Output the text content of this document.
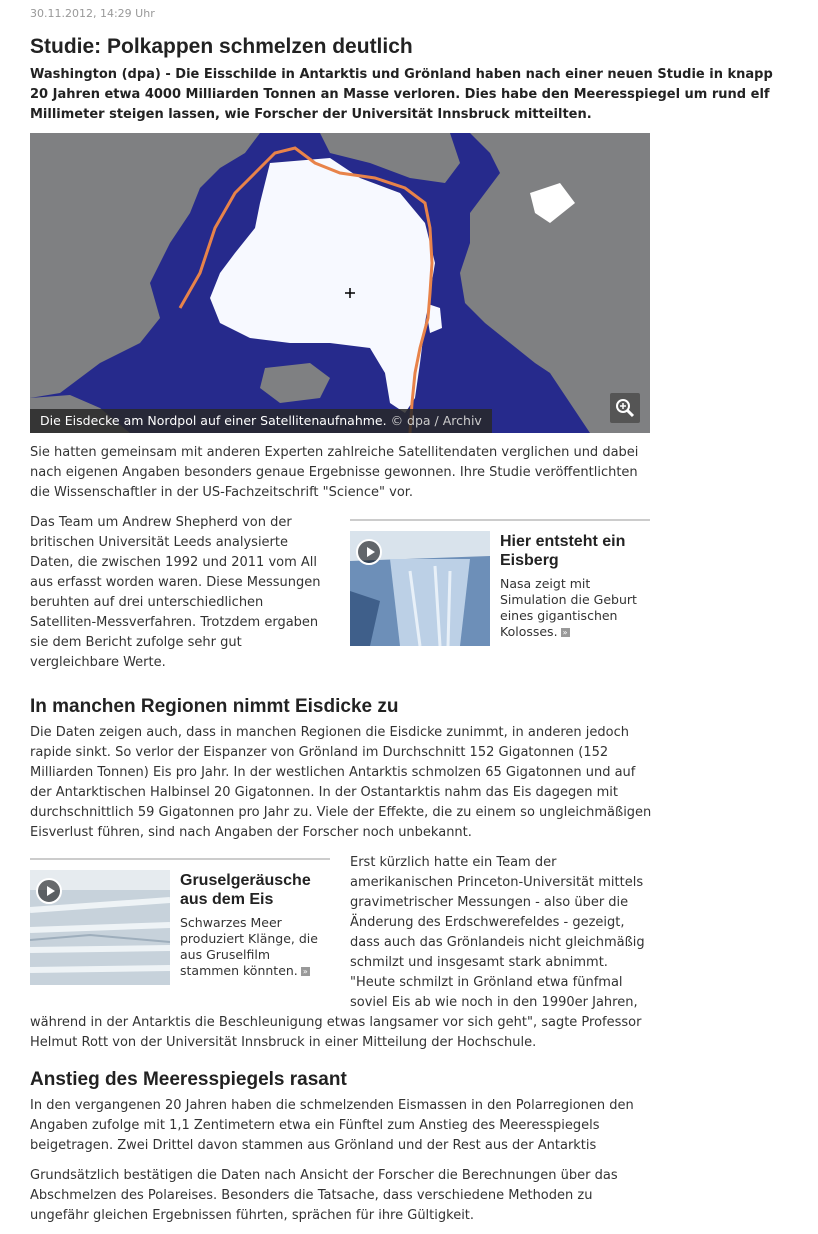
30.11.2012, 14:29 Uhr
Studie: Polkappen schmelzen deutlich

Washington (dpa) - Die Eisschilde in Antarktis und Grönland haben nach einer neuen Studie in knapp 20 Jahren etwa 4000 Milliarden Tonnen an Masse verloren. Dies habe den Meeresspiegel um rund elf Millimeter steigen lassen, wie Forscher der Universität Innsbruck mitteilten.

Die Eisdecke am Nordpol auf einer Satellitenaufnahme. © dpa / Archiv

Sie hatten gemeinsam mit anderen Experten zahlreiche Satellitendaten verglichen und dabei nach eigenen Angaben besonders genaue Ergebnisse gewonnen. Ihre Studie veröffentlichten die Wissenschaftler in der US-Fachzeitschrift "Science" vor.

Das Team um Andrew Shepherd von der britischen Universität Leeds analysierte Daten, die zwischen 1992 und 2011 vom All aus erfasst worden waren. Diese Messungen beruhten auf drei unterschiedlichen Satelliten-Messverfahren. Trotzdem ergaben sie dem Bericht zufolge sehr gut vergleichbare Werte.

Hier entsteht ein Eisberg
Nasa zeigt mit Simulation die Geburt eines gigantischen Kolosses. »
In manchen Regionen nimmt Eisdicke zu

Die Daten zeigen auch, dass in manchen Regionen die Eisdicke zunimmt, in anderen jedoch rapide sinkt. So verlor der Eispanzer von Grönland im Durchschnitt 152 Gigatonnen (152 Milliarden Tonnen) Eis pro Jahr. In der westlichen Antarktis schmolzen 65 Gigatonnen und auf der Antarktischen Halbinsel 20 Gigatonnen. In der Ostantarktis nahm das Eis dagegen mit durchschnittlich 59 Gigatonnen pro Jahr zu. Viele der Effekte, die zu einem so ungleichmäßigen Eisverlust führen, sind nach Angaben der Forscher noch unbekannt.

Gruselgeräusche aus dem Eis
Schwarzes Meer produziert Klänge, die aus Gruselfilm stammen könnten. »

Erst kürzlich hatte ein Team der amerikanischen Princeton-Universität mittels gravimetrischer Messungen - also über die Änderung des Erdschwerefeldes - gezeigt, dass auch das Grönlandeis nicht gleichmäßig schmilzt und insgesamt stark abnimmt. "Heute schmilzt in Grönland etwa fünfmal soviel Eis ab wie noch in den 1990er Jahren,

während in der Antarktis die Beschleunigung etwas langsamer vor sich geht", sagte Professor Helmut Rott von der Universität Innsbruck in einer Mitteilung der Hochschule.

Anstieg des Meeresspiegels rasant

In den vergangenen 20 Jahren haben die schmelzenden Eismassen in den Polarregionen den Angaben zufolge mit 1,1 Zentimetern etwa ein Fünftel zum Anstieg des Meeresspiegels beigetragen. Zwei Drittel davon stammen aus Grönland und der Rest aus der Antarktis

Grundsätzlich bestätigen die Daten nach Ansicht der Forscher die Berechnungen über das Abschmelzen des Polareises. Besonders die Tatsache, dass verschiedene Methoden zu ungefähr gleichen Ergebnissen führten, sprächen für ihre Gültigkeit.
